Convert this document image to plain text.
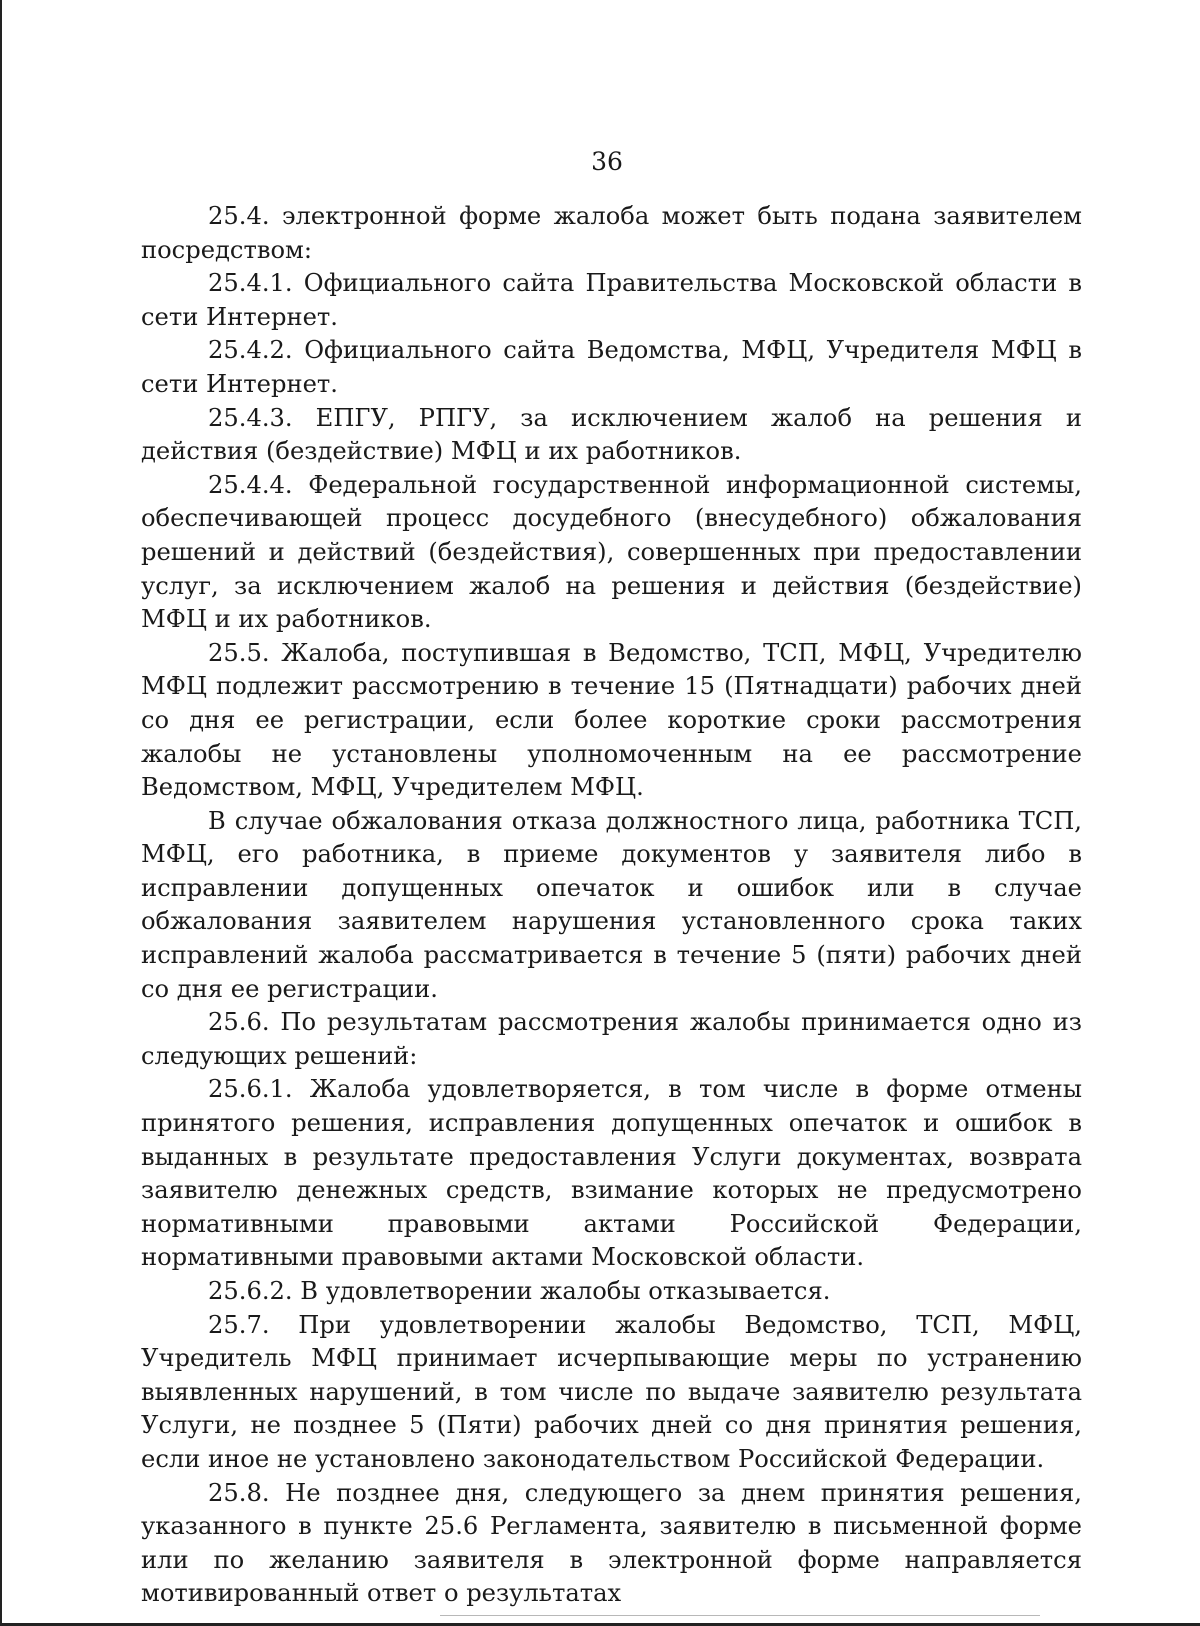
36

25.4. электронной форме жалоба может быть подана заявителем посредством:

25.4.1. Официального сайта Правительства Московской области в сети Интернет.

25.4.2. Официального сайта Ведомства, МФЦ, Учредителя МФЦ в сети Интернет.

25.4.3. ЕПГУ, РПГУ, за исключением жалоб на решения и действия (бездействие) МФЦ и их работников.

25.4.4. Федеральной государственной информационной системы, обеспечивающей процесс досудебного (внесудебного) обжалования решений и действий (бездействия), совершенных при предоставлении услуг, за исключением жалоб на решения и действия (бездействие) МФЦ и их работников.

25.5. Жалоба, поступившая в Ведомство, ТСП, МФЦ, Учредителю МФЦ подлежит рассмотрению в течение 15 (Пятнадцати) рабочих дней со дня ее регистрации, если более короткие сроки рассмотрения жалобы не установлены уполномоченным на ее рассмотрение Ведомством, МФЦ, Учредителем МФЦ.

В случае обжалования отказа должностного лица, работника ТСП, МФЦ, его работника, в приеме документов у заявителя либо в исправлении допущенных опечаток и ошибок или в случае обжалования заявителем нарушения установленного срока таких исправлений жалоба рассматривается в течение 5 (пяти) рабочих дней со дня ее регистрации.

25.6. По результатам рассмотрения жалобы принимается одно из следующих решений:

25.6.1. Жалоба удовлетворяется, в том числе в форме отмены принятого решения, исправления допущенных опечаток и ошибок в выданных в результате предоставления Услуги документах, возврата заявителю денежных средств, взимание которых не предусмотрено нормативными правовыми актами Российской Федерации, нормативными правовыми актами Московской области.

25.6.2. В удовлетворении жалобы отказывается.

25.7. При удовлетворении жалобы Ведомство, ТСП, МФЦ, Учредитель МФЦ принимает исчерпывающие меры по устранению выявленных нарушений, в том числе по выдаче заявителю результата Услуги, не позднее 5 (Пяти) рабочих дней со дня принятия решения, если иное не установлено законодательством Российской Федерации.

25.8. Не позднее дня, следующего за днем принятия решения, указанного в пункте 25.6 Регламента, заявителю в письменной форме или по желанию заявителя в электронной форме направляется мотивированный ответ о результатах
